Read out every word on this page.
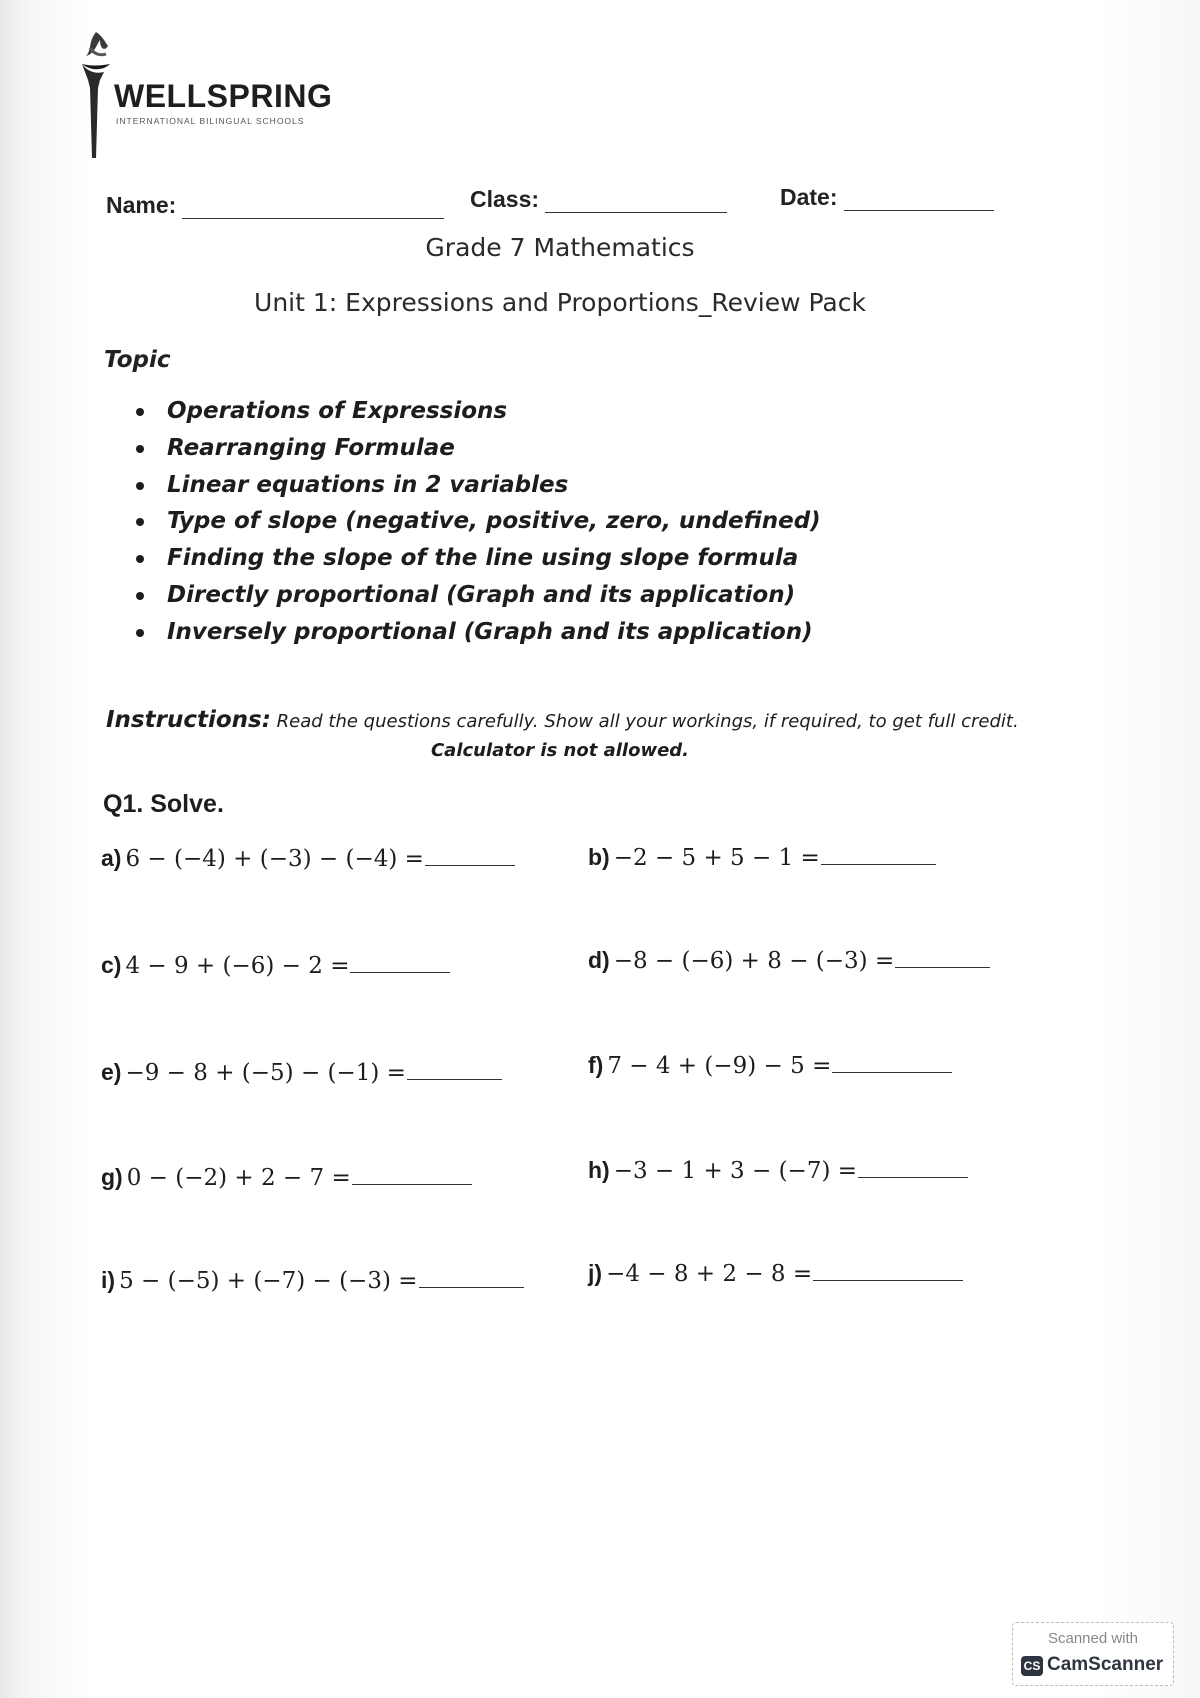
WELLSPRING
INTERNATIONAL BILINGUAL SCHOOLS
Name:	Class:	Date:
Grade 7 Mathematics
Unit 1: Expressions and Proportions_Review Pack
Topic
Operations of Expressions
Rearranging Formulae
Linear equations in 2 variables
Type of slope (negative, positive, zero, undefined)
Finding the slope of the line using slope formula
Directly proportional (Graph and its application)
Inversely proportional (Graph and its application)
Instructions: Read the questions carefully. Show all your workings, if required, to get full credit.
Calculator is not allowed.
Q1. Solve.
a) 6 − (−4) + (−3) − (−4) =	b) −2 − 5 + 5 − 1 =
c) 4 − 9 + (−6) − 2 =	d) −8 − (−6) + 8 − (−3) =
e) −9 − 8 + (−5) − (−1) =	f) 7 − 4 + (−9) − 5 =
g) 0 − (−2) + 2 − 7 =	h) −3 − 1 + 3 − (−7) =
i) 5 − (−5) + (−7) − (−3) =	j) −4 − 8 + 2 − 8 =
Scanned with
CS CamScanner
